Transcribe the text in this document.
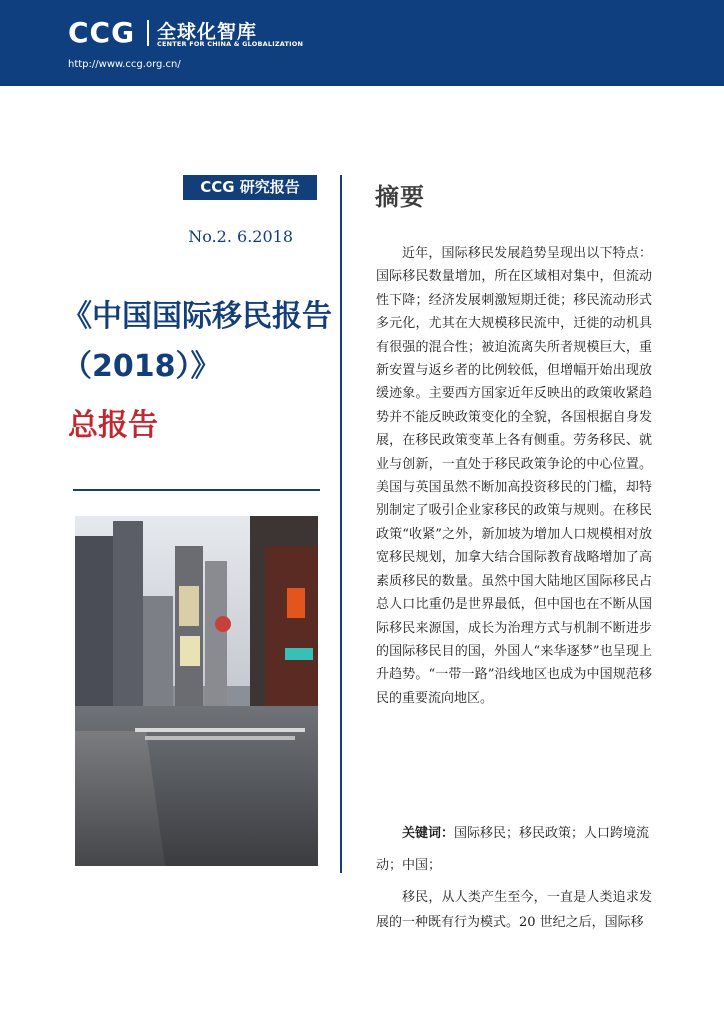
CCG 全球化智库
CENTER FOR CHINA & GLOBALIZATION
http://www.ccg.org.cn/
CCG 研究报告
No.2. 6.2018
《中国国际移民报告（2018）》
总报告
摘要

近年，国际移民发展趋势呈现出以下特点：国际移民数量增加，所在区域相对集中，但流动性下降；经济发展刺激短期迁徙；移民流动形式多元化，尤其在大规模移民流中，迁徙的动机具有很强的混合性；被迫流离失所者规模巨大，重新安置与返乡者的比例较低，但增幅开始出现放缓迹象。主要西方国家近年反映出的政策收紧趋势并不能反映政策变化的全貌，各国根据自身发展，在移民政策变革上各有侧重。劳务移民、就业与创新，一直处于移民政策争论的中心位置。美国与英国虽然不断加高投资移民的门槛，却特别制定了吸引企业家移民的政策与规则。在移民政策“收紧”之外，新加坡为增加人口规模相对放宽移民规划，加拿大结合国际教育战略增加了高素质移民的数量。虽然中国大陆地区国际移民占总人口比重仍是世界最低，但中国也在不断从国际移民来源国，成长为治理方式与机制不断进步的国际移民目的国，外国人“来华逐梦”也呈现上升趋势。“一带一路”沿线地区也成为中国规范移民的重要流向地区。

关键词：国际移民；移民政策；人口跨境流动；中国；

移民，从人类产生至今，一直是人类追求发展的一种既有行为模式。20 世纪之后，国际移
